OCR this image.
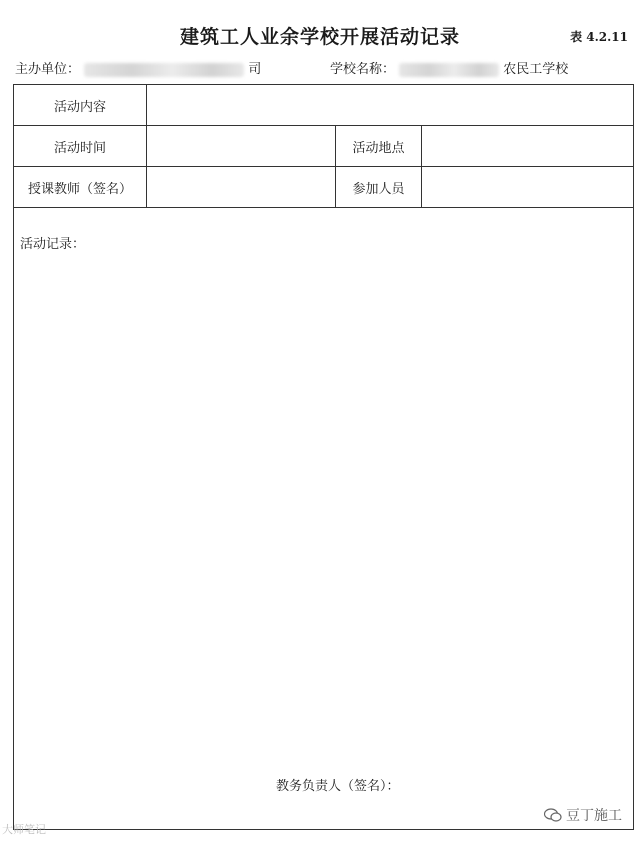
建筑工人业余学校开展活动记录	表 4.2.11
主办单位：	司	学校名称：	农民工学校
活动内容
活动时间	活动地点
授课教师（签名）	参加人员
活动记录：
教务负责人（签名）：
大师笔记
豆丁施工
